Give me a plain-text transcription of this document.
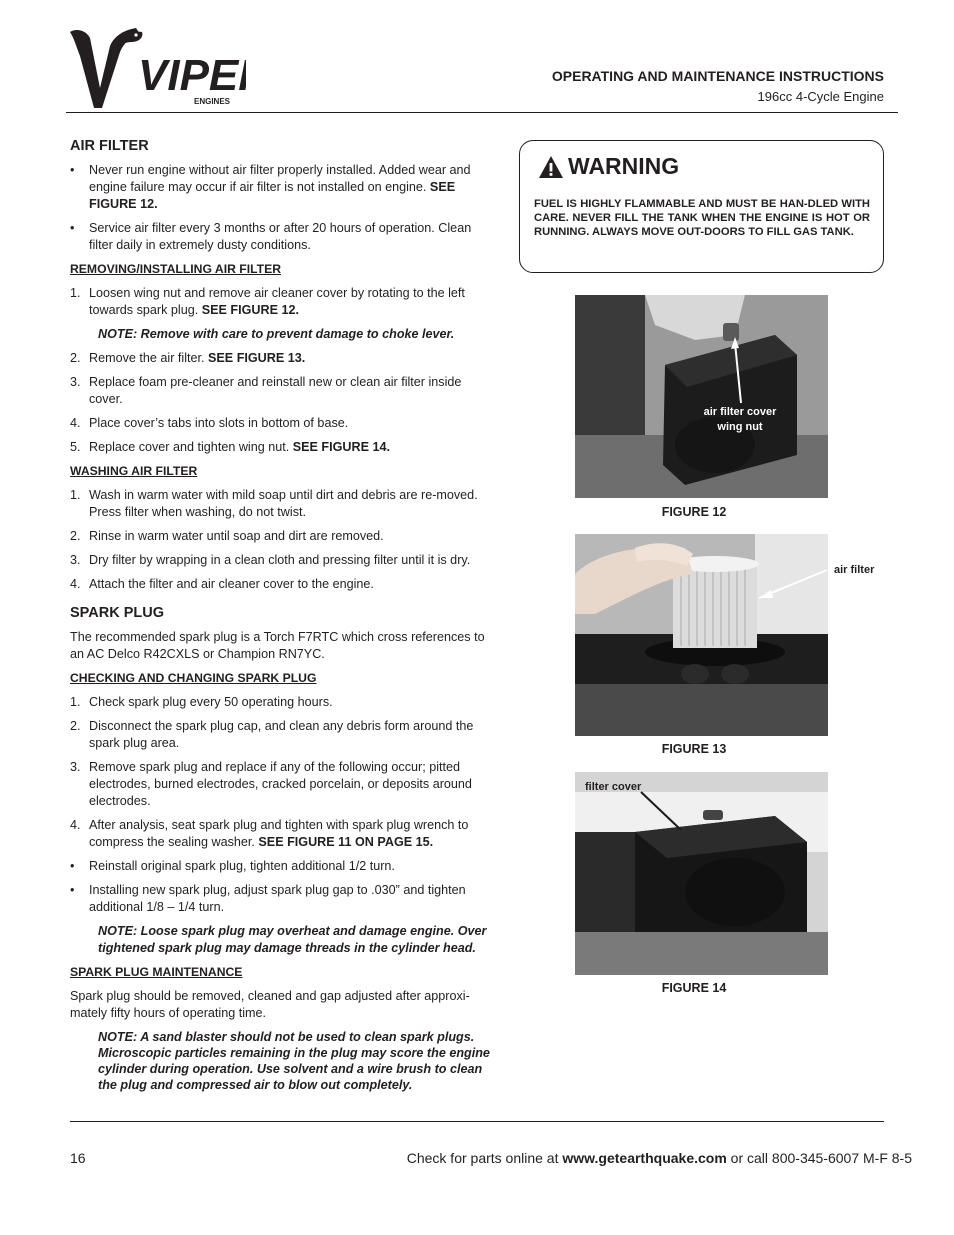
VIPE
ENGINES
OPERATING AND MAINTENANCE INSTRUCTIONS
196cc 4-Cycle Engine
AIR FILTER
• Never run engine without air filter properly installed. Added wear and engine failure may occur if air filter is not installed on engine. SEE FIGURE 12.
• Service air filter every 3 months or after 20 hours of operation. Clean filter daily in extremely dusty conditions.
REMOVING/INSTALLING AIR FILTER
1. Loosen wing nut and remove air cleaner cover by rotating to the left towards spark plug. SEE FIGURE 12.
NOTE: Remove with care to prevent damage to choke lever.
2. Remove the air filter. SEE FIGURE 13.
3. Replace foam pre-cleaner and reinstall new or clean air filter inside cover.
4. Place cover’s tabs into slots in bottom of base.
5. Replace cover and tighten wing nut. SEE FIGURE 14.
WASHING AIR FILTER
1. Wash in warm water with mild soap until dirt and debris are re-moved. Press filter when washing, do not twist.
2. Rinse in warm water until soap and dirt are removed.
3. Dry filter by wrapping in a clean cloth and pressing filter until it is dry.
4. Attach the filter and air cleaner cover to the engine.
SPARK PLUG
The recommended spark plug is a Torch F7RTC which cross references to an AC Delco R42CXLS or Champion RN7YC.
CHECKING AND CHANGING SPARK PLUG
1. Check spark plug every 50 operating hours.
2. Disconnect the spark plug cap, and clean any debris form around the spark plug area.
3. Remove spark plug and replace if any of the following occur; pitted electrodes, burned electrodes, cracked porcelain, or deposits around electrodes.
4. After analysis, seat spark plug and tighten with spark plug wrench to compress the sealing washer. SEE FIGURE 11 ON PAGE 15.
• Reinstall original spark plug, tighten additional 1/2 turn.
• Installing new spark plug, adjust spark plug gap to .030” and tighten additional 1/8 – 1/4 turn.
NOTE: Loose spark plug may overheat and damage engine. Over tightened spark plug may damage threads in the cylinder head.
SPARK PLUG MAINTENANCE
Spark plug should be removed, cleaned and gap adjusted after approxi-mately fifty hours of operating time.
NOTE: A sand blaster should not be used to clean spark plugs. Microscopic particles remaining in the plug may score the engine cylinder during operation. Use solvent and a wire brush to clean the plug and compressed air to blow out completely.
WARNING
FUEL IS HIGHLY FLAMMABLE AND MUST BE HAN-DLED WITH CARE. NEVER FILL THE TANK WHEN THE ENGINE IS HOT OR RUNNING. ALWAYS MOVE OUT-DOORS TO FILL GAS TANK.
air filter cover
wing nut
FIGURE 12
air filter
FIGURE 13
filter cover
FIGURE 14
16	Check for parts online at www.getearthquake.com or call 800-345-6007 M-F 8-5
